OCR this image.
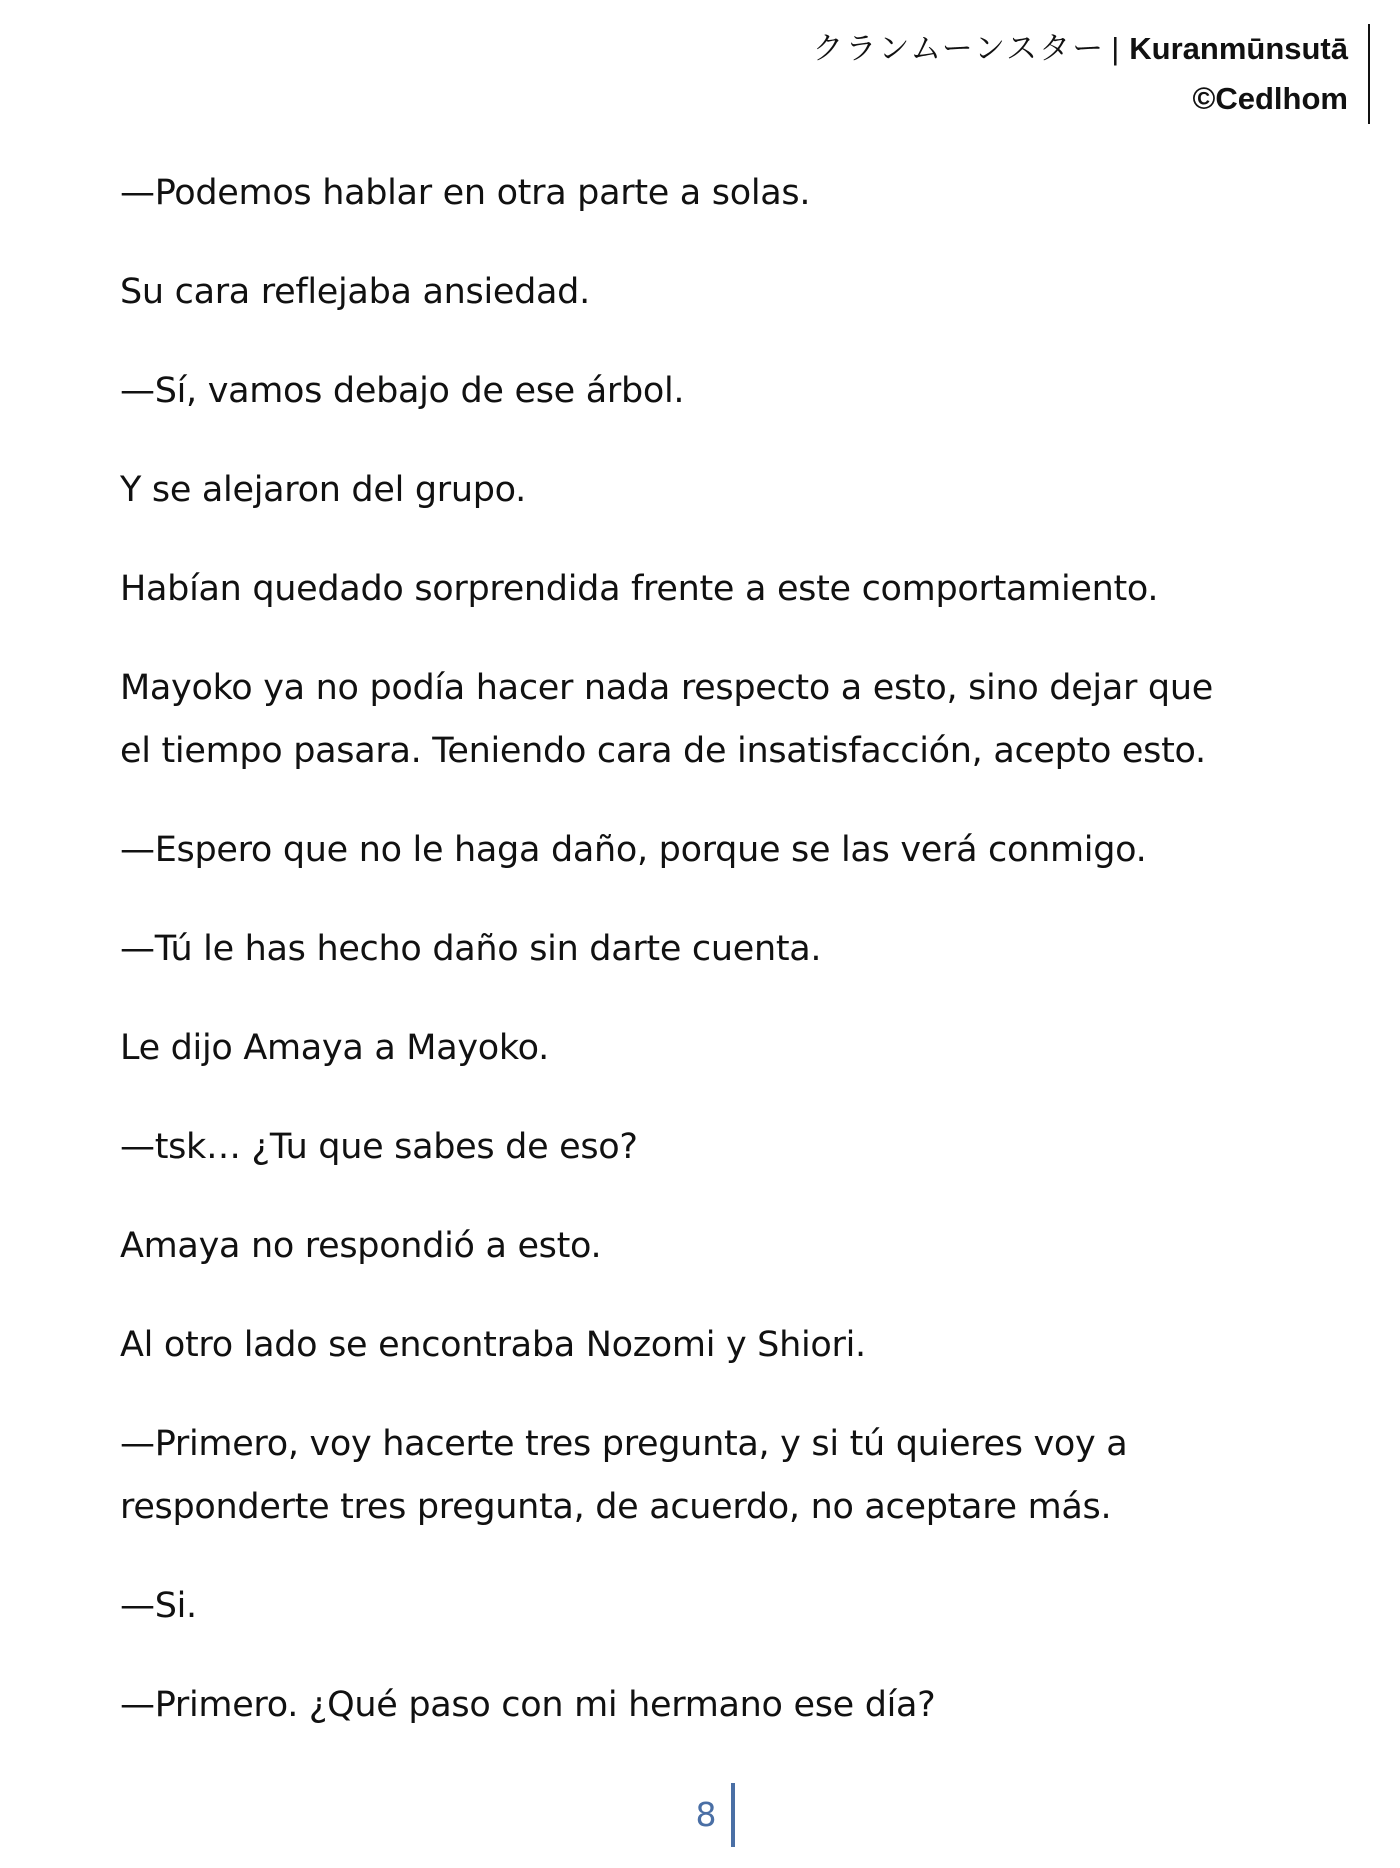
クランムーンスター | Kuranmūnsutā
©Cedlhom

—Podemos hablar en otra parte a solas.

Su cara reflejaba ansiedad.

—Sí, vamos debajo de ese árbol.

Y se alejaron del grupo.

Habían quedado sorprendida frente a este comportamiento.

Mayoko ya no podía hacer nada respecto a esto, sino dejar que
el tiempo pasara. Teniendo cara de insatisfacción, acepto esto.

—Espero que no le haga daño, porque se las verá conmigo.

—Tú le has hecho daño sin darte cuenta.

Le dijo Amaya a Mayoko.

—tsk… ¿Tu que sabes de eso?

Amaya no respondió a esto.

Al otro lado se encontraba Nozomi y Shiori.

—Primero, voy hacerte tres pregunta, y si tú quieres voy a
responderte tres pregunta, de acuerdo, no aceptare más.

—Si.

—Primero. ¿Qué paso con mi hermano ese día?

8
